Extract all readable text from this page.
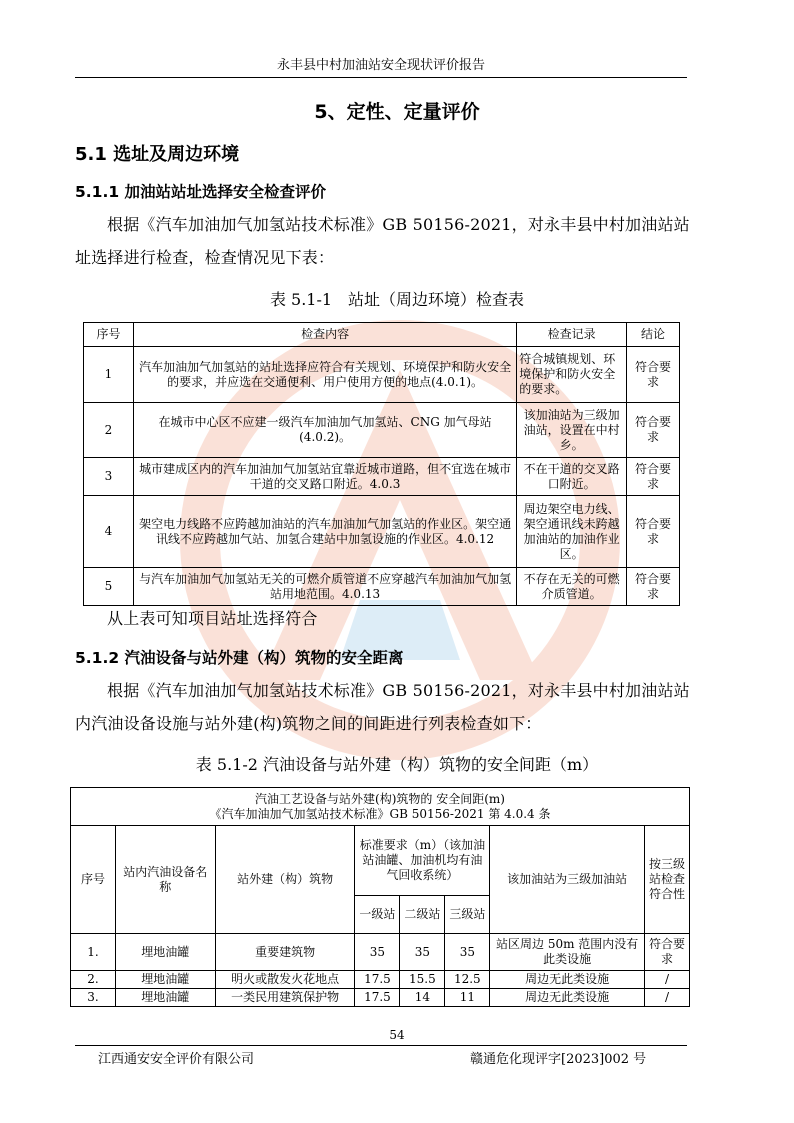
永丰县中村加油站安全现状评价报告
5、定性、定量评价
5.1 选址及周边环境
5.1.1 加油站站址选择安全检查评价
根据《汽车加油加气加氢站技术标准》GB 50156-2021，对永丰县中村加油站站址选择进行检查，检查情况见下表：
表 5.1-1　站址（周边环境）检查表
序号	检查内容	检查记录	结论
1	汽车加油加气加氢站的站址选择应符合有关规划、环境保护和防火安全的要求，并应选在交通便利、用户使用方便的地点(4.0.1)。	符合城镇规划、环境保护和防火安全的要求。	符合要求
2	在城市中心区不应建一级汽车加油加气加氢站、CNG 加气母站(4.0.2)。	该加油站为三级加油站，设置在中村乡。	符合要求
3	城市建成区内的汽车加油加气加氢站宜靠近城市道路，但不宜选在城市干道的交叉路口附近。4.0.3	不在干道的交叉路口附近。	符合要求
4	架空电力线路不应跨越加油站的汽车加油加气加氢站的作业区。架空通讯线不应跨越加气站、加氢合建站中加氢设施的作业区。4.0.12	周边架空电力线、架空通讯线未跨越加油站的加油作业区。	符合要求
5	与汽车加油加气加氢站无关的可燃介质管道不应穿越汽车加油加气加氢站用地范围。4.0.13	不存在无关的可燃介质管道。	符合要求
从上表可知项目站址选择符合
5.1.2 汽油设备与站外建（构）筑物的安全距离
根据《汽车加油加气加氢站技术标准》GB 50156-2021，对永丰县中村加油站站内汽油设备设施与站外建(构)筑物之间的间距进行列表检查如下：
表 5.1-2 汽油设备与站外建（构）筑物的安全间距（m）
汽油工艺设备与站外建(构)筑物的 安全间距(m)
《汽车加油加气加氢站技术标准》GB 50156-2021 第 4.0.4 条							

序号	站内汽油设备名称	站外建（构）筑物	标准要求（m）（该加油站油罐、加油机均有油气回收系统）			该加油站为三级加油站	按三级站检查符合性
			一级站	二级站	三级站		
1.	埋地油罐	重要建筑物	35	35	35	站区周边 50m 范围内没有此类设施	符合要求
2.	埋地油罐	明火或散发火花地点	17.5	15.5	12.5	周边无此类设施	/
3.	埋地油罐	一类民用建筑保护物	17.5	14	11	周边无此类设施	/
54
江西通安安全评价有限公司	赣通危化现评字[2023]002 号
